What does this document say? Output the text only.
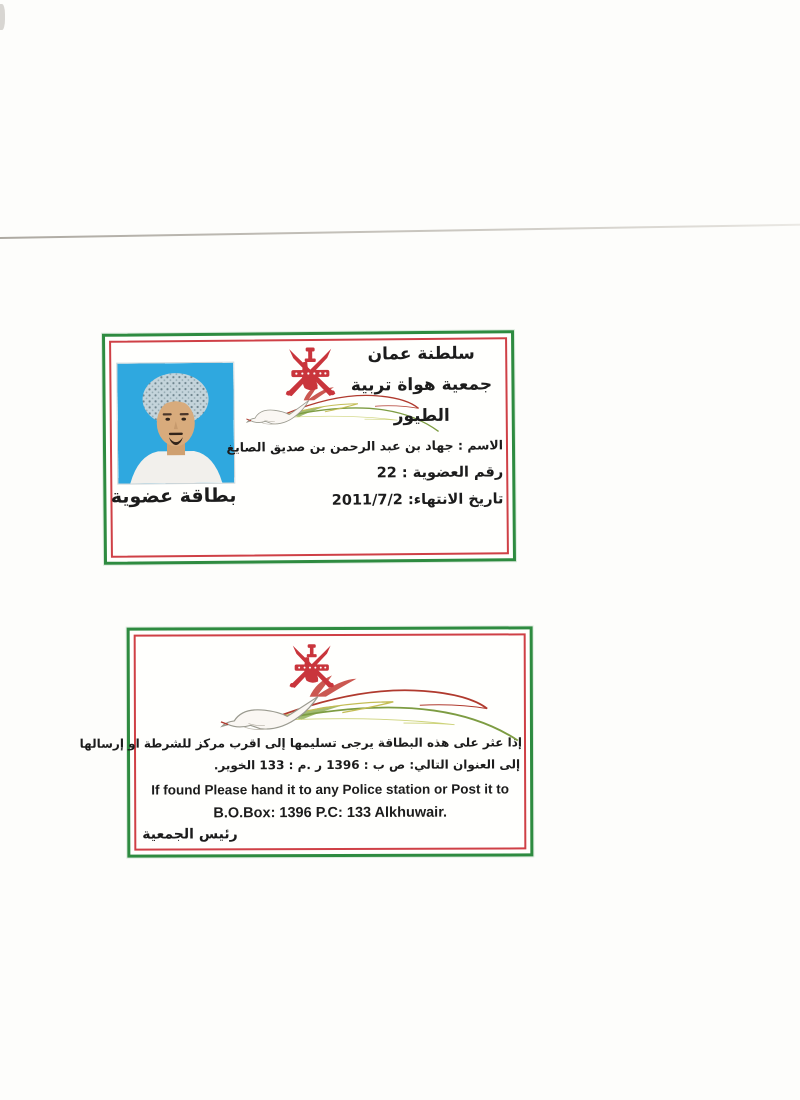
سلطنة عمان
جمعية هواة تربية
الطيور
الاسم : جهاد بن عبد الرحمن بن صديق الصايغ
رقم العضوية : 22
تاريخ الانتهاء: 2011/7/2
بطاقة عضوية
إذا عثر على هذه البطاقة يرجى تسليمها إلى اقرب مركز للشرطة او إرسالها
إلى العنوان التالي: ص ب : 1396 ر .م : 133 الخوير.
If found Please hand it to any Police station or Post it to
B.O.Box: 1396 P.C: 133 Alkhuwair.
رئيس الجمعية
